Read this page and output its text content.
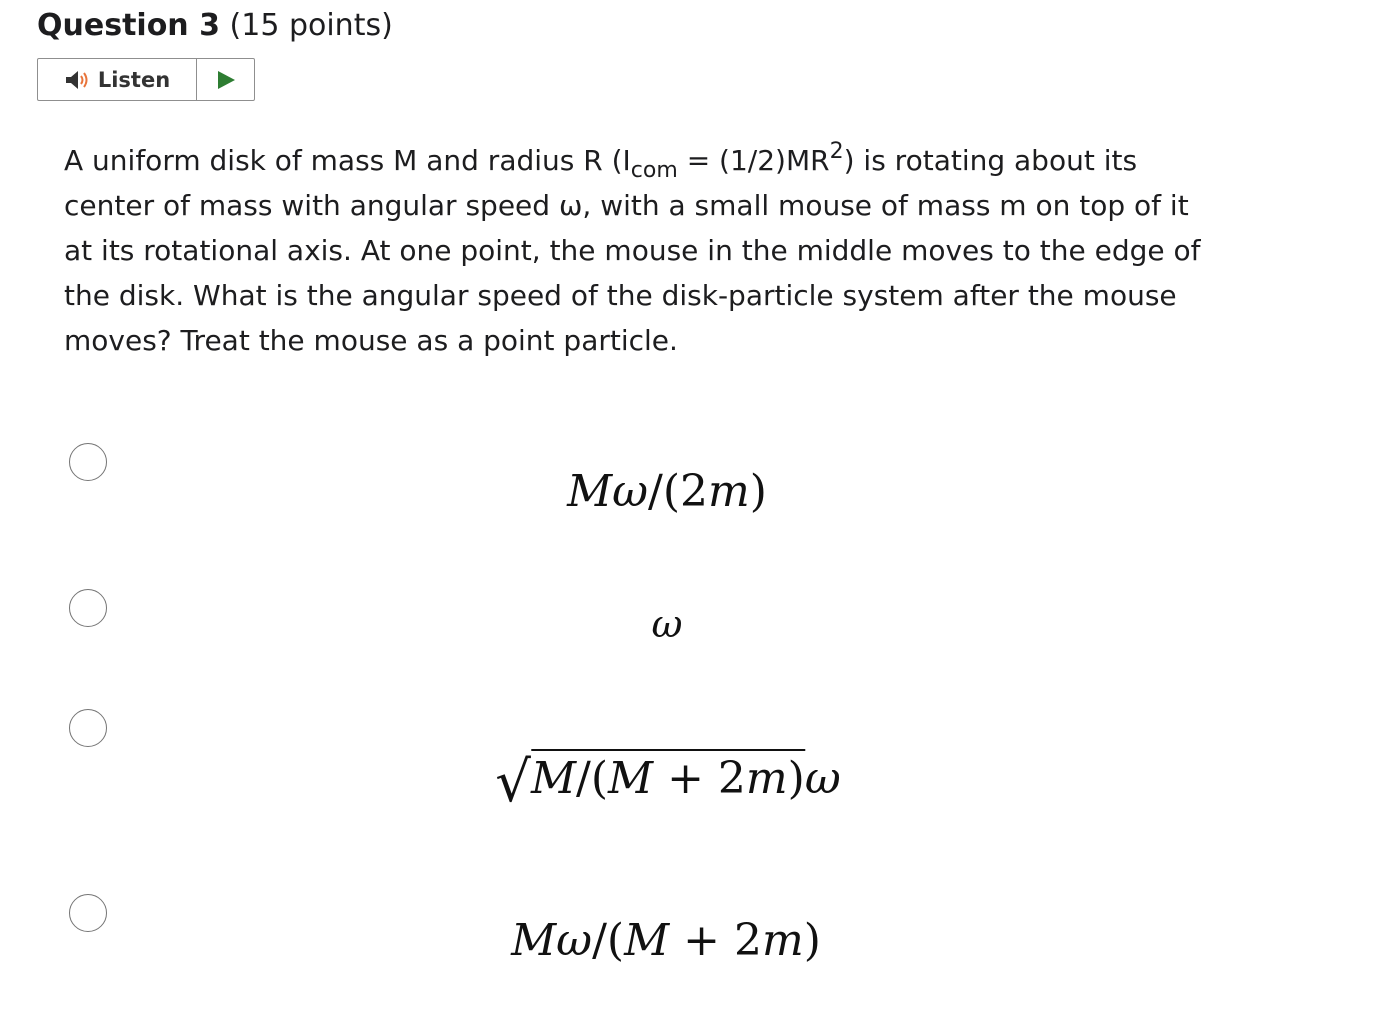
Question 3 (15 points)
Listen
A uniform disk of mass M and radius R $(I_{com} = (1/2)MR^2)$ is rotating about its center of mass with angular speed ω, with a small mouse of mass m on top of it at its rotational axis. At one point, the mouse in the middle moves to the edge of the disk. What is the angular speed of the disk-particle system after the mouse moves? Treat the mouse as a point particle.
Mω/(2m)
ω
√M/(M + 2m)ω
Mω/(M + 2m)
